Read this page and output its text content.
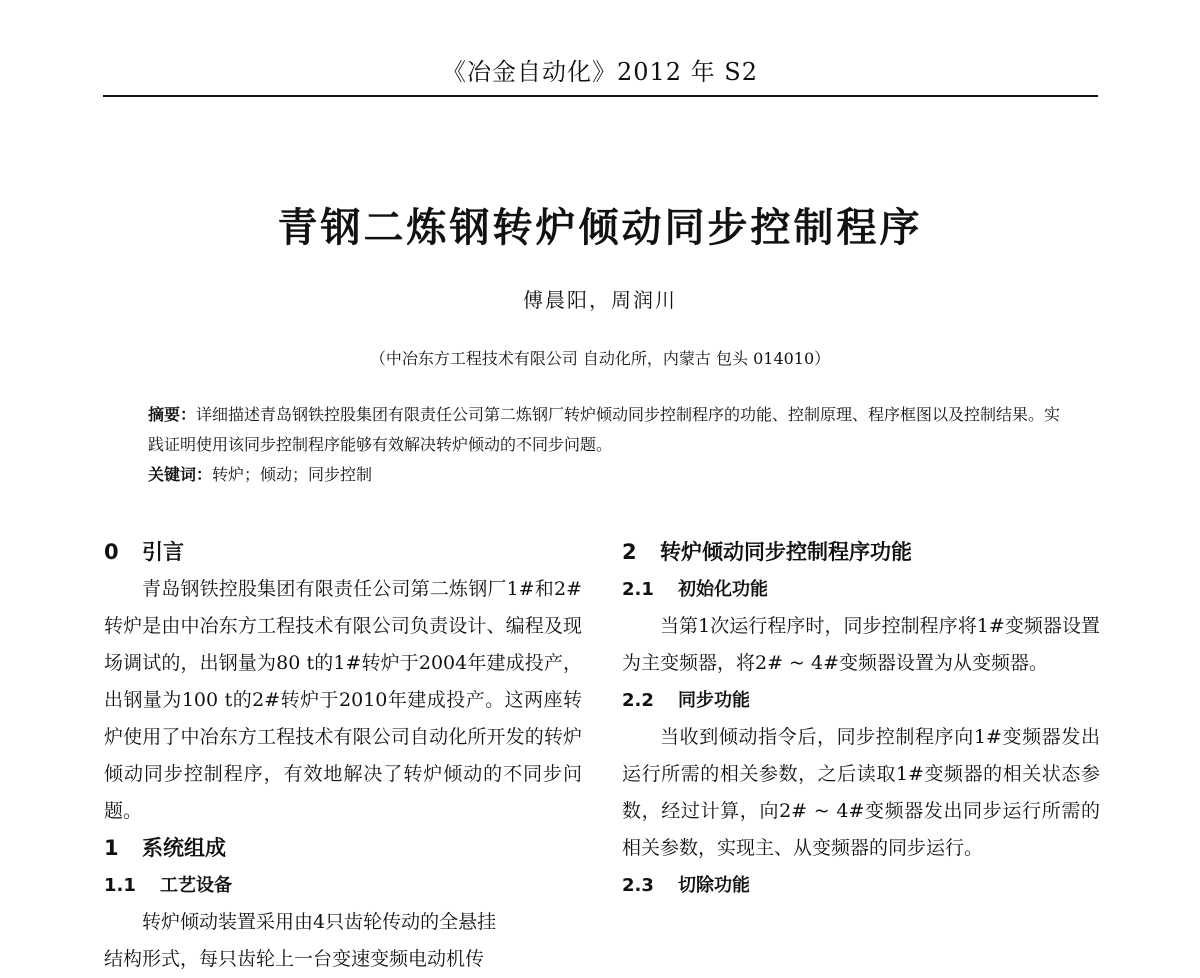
《冶金自动化》2012 年 S2
青钢二炼钢转炉倾动同步控制程序
傅晨阳，周润川
（中冶东方工程技术有限公司 自动化所，内蒙古 包头 014010）

摘要：详细描述青岛钢铁控股集团有限责任公司第二炼钢厂转炉倾动同步控制程序的功能、控制原理、程序框图以及控制结果。实践证明使用该同步控制程序能够有效解决转炉倾动的不同步问题。

关键词：转炉；倾动；同步控制

0 引言

青岛钢铁控股集团有限责任公司第二炼钢厂1#和2#转炉是由中冶东方工程技术有限公司负责设计、编程及现场调试的，出钢量为80 t的1#转炉于2004年建成投产，出钢量为100 t的2#转炉于2010年建成投产。这两座转炉使用了中冶东方工程技术有限公司自动化所开发的转炉倾动同步控制程序，有效地解决了转炉倾动的不同步问题。

1 系统组成
1.1 工艺设备

转炉倾动装置采用由4只齿轮传动的全悬挂

结构形式，每只齿轮上一台变速变频电动机传
2 转炉倾动同步控制程序功能
2.1 初始化功能

当第1次运行程序时，同步控制程序将1#变频器设置为主变频器，将2# ~ 4#变频器设置为从变频器。

2.2 同步功能

当收到倾动指令后，同步控制程序向1#变频器发出运行所需的相关参数，之后读取1#变频器的相关状态参数，经过计算，向2# ~ 4#变频器发出同步运行所需的相关参数，实现主、从变频器的同步运行。

2.3 切除功能
